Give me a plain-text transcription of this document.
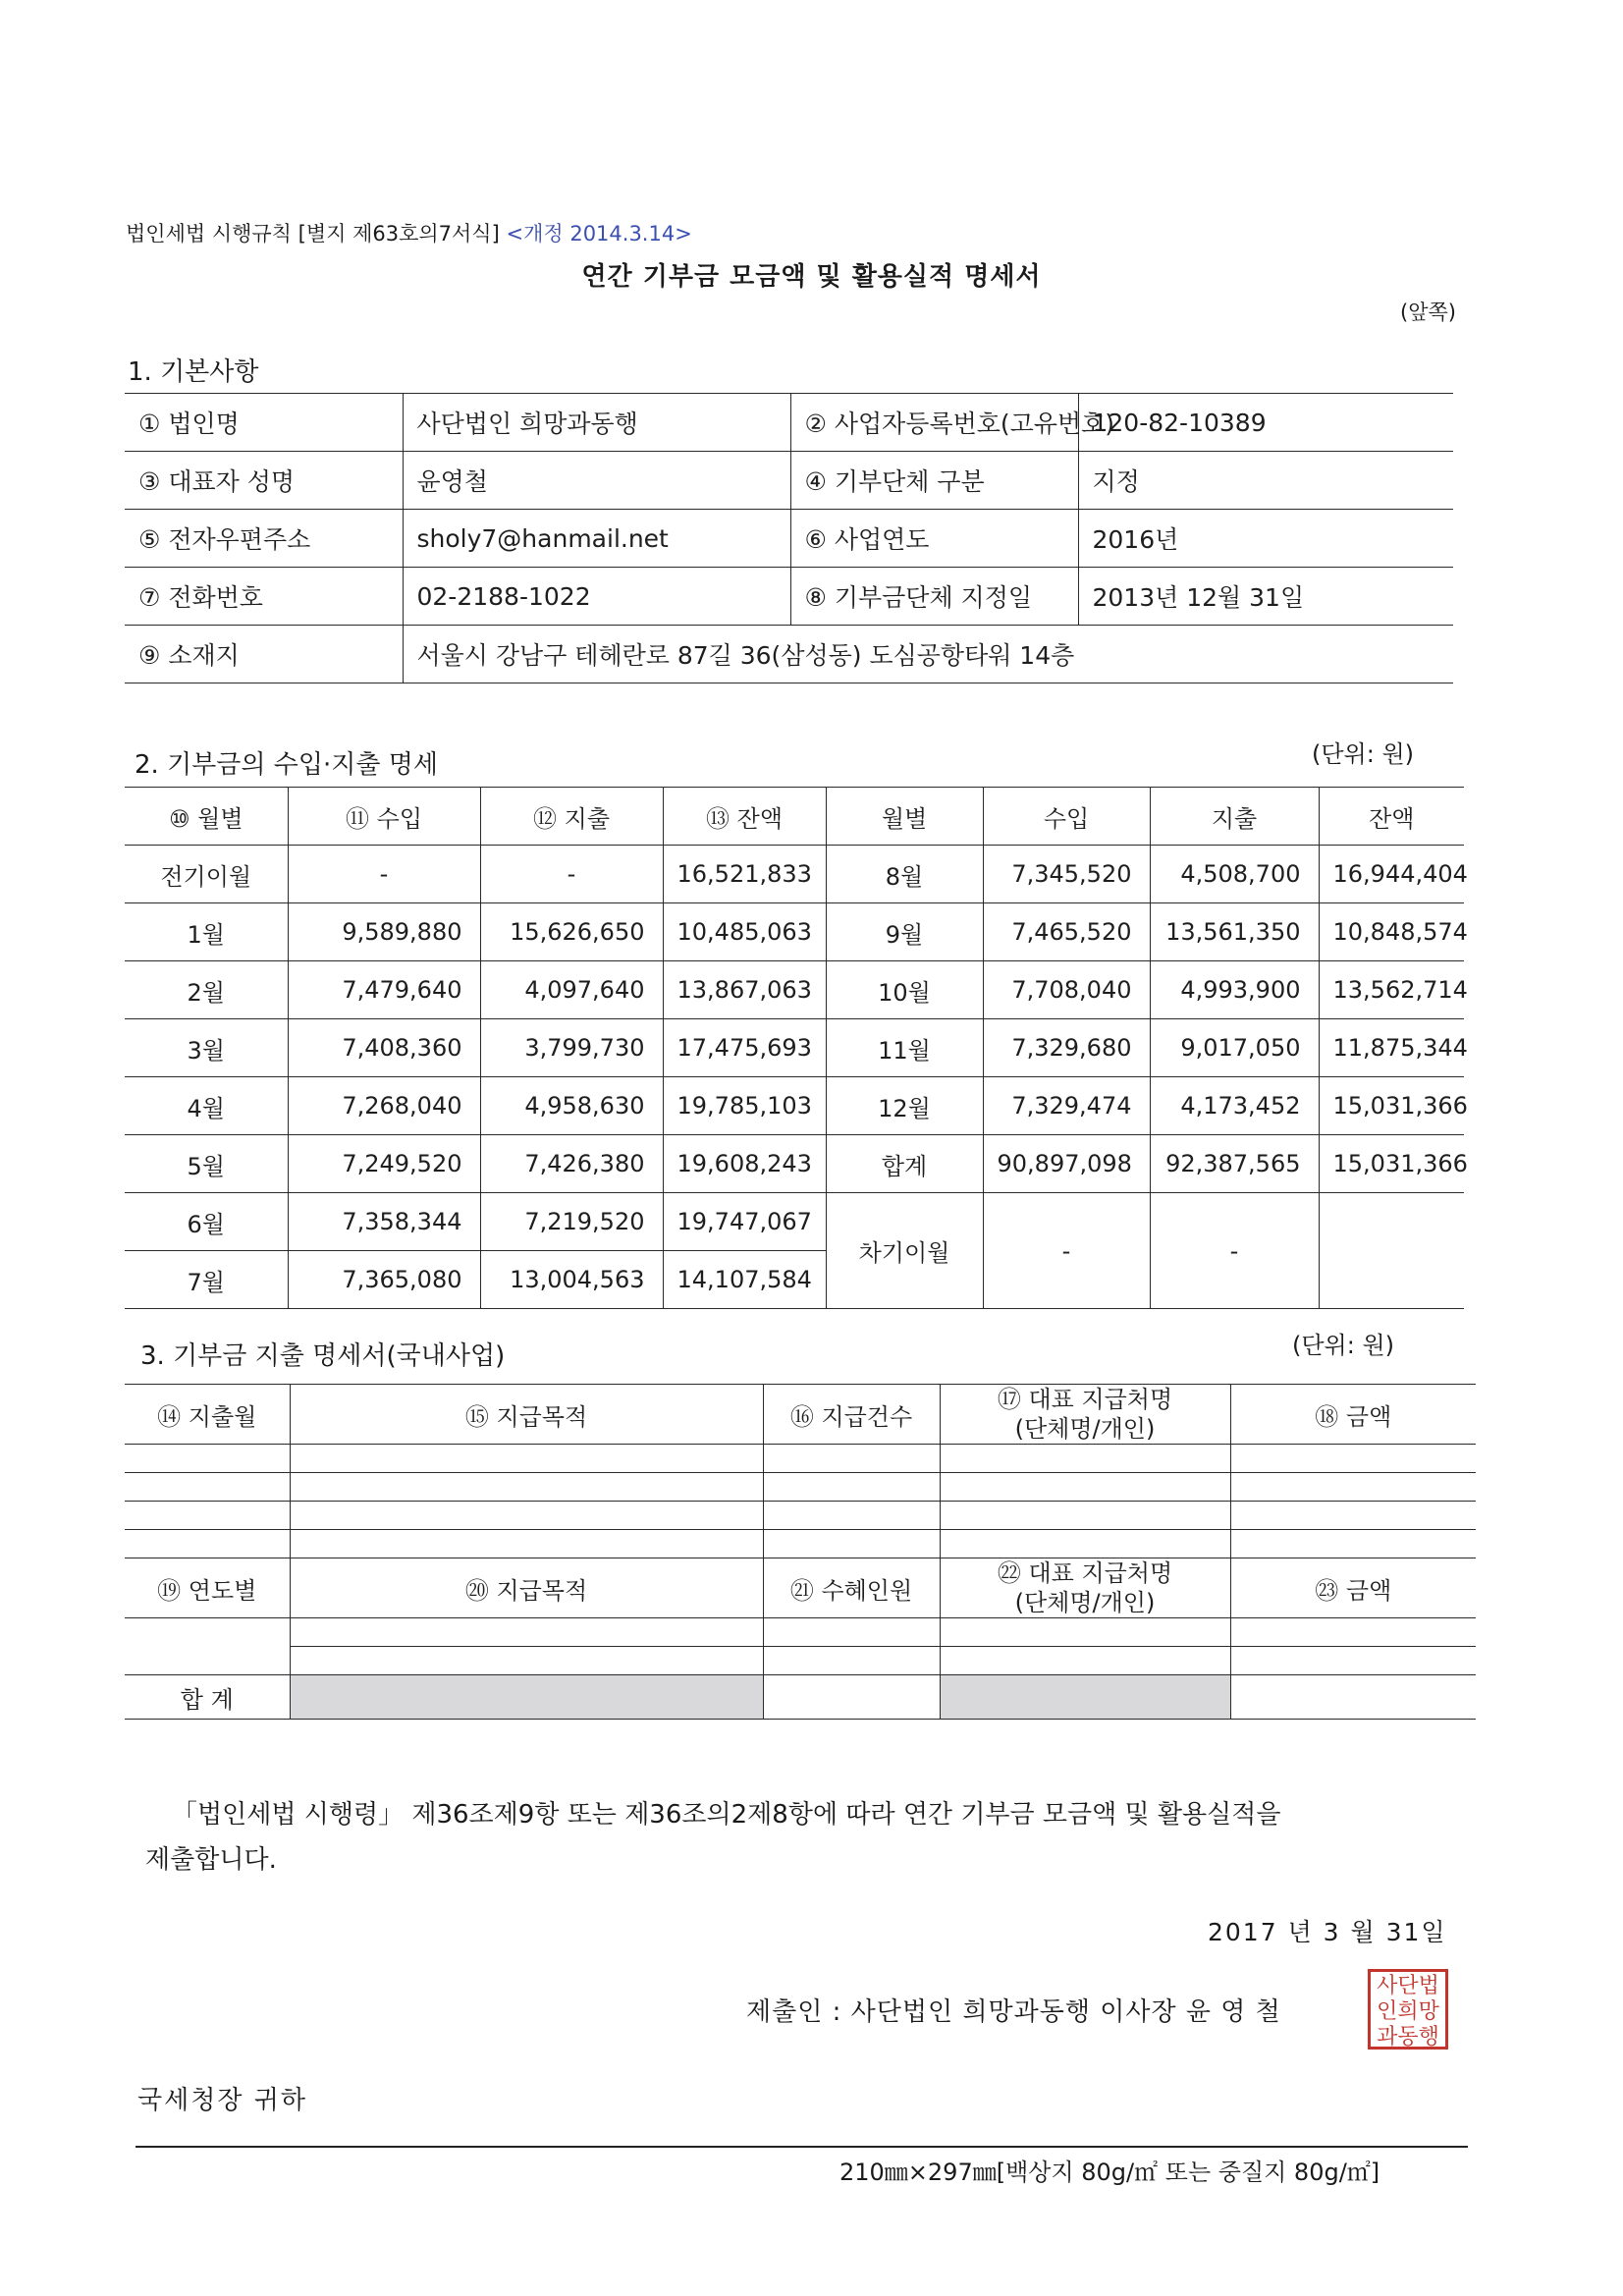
법인세법 시행규칙 [별지 제63호의7서식] <개정 2014.3.14>
연간 기부금 모금액 및 활용실적 명세서
(앞쪽)
1. 기본사항
① 법인명	사단법인 희망과동행	② 사업자등록번호(고유번호)	120-82-10389
③ 대표자 성명	윤영철	④ 기부단체 구분	지정
⑤ 전자우편주소	sholy7@hanmail.net	⑥ 사업연도	2016년
⑦ 전화번호	02-2188-1022	⑧ 기부금단체 지정일	2013년 12월 31일
⑨ 소재지	서울시 강남구 테헤란로 87길 36(삼성동) 도심공항타워 14층		
2. 기부금의 수입·지출 명세	(단위: 원)
⑩ 월별	⑪ 수입	⑫ 지출	⑬ 잔액	월별	수입	지출	잔액
전기이월	-	-	16,521,833	8월	7,345,520	4,508,700	16,944,404
1월	9,589,880	15,626,650	10,485,063	9월	7,465,520	13,561,350	10,848,574
2월	7,479,640	4,097,640	13,867,063	10월	7,708,040	4,993,900	13,562,714
3월	7,408,360	3,799,730	17,475,693	11월	7,329,680	9,017,050	11,875,344
4월	7,268,040	4,958,630	19,785,103	12월	7,329,474	4,173,452	15,031,366
5월	7,249,520	7,426,380	19,608,243	합계	90,897,098	92,387,565	15,031,366
6월	7,358,344	7,219,520	19,747,067	차기이월	-	-	
7월	7,365,080	13,004,563	14,107,584				
3. 기부금 지출 명세서(국내사업)	(단위: 원)
⑭ 지출월	⑮ 지급목적	⑯ 지급건수	⑰ 대표 지급처명
(단체명/개인)	⑱ 금액

⑲ 연도별	⑳ 지급목적	㉑ 수혜인원	㉒ 대표 지급처명
(단체명/개인)	㉓ 금액

합 계				
「법인세법 시행령」 제36조제9항 또는 제36조의2제8항에 따라 연간 기부금 모금액 및 활용실적을
제출합니다.
2017 년 3 월 31일
제출인 : 사단법인 희망과동행 이사장 윤 영 철
사단법인희망과동행
국세청장 귀하
210㎜×297㎜[백상지 80g/㎡ 또는 중질지 80g/㎡]
